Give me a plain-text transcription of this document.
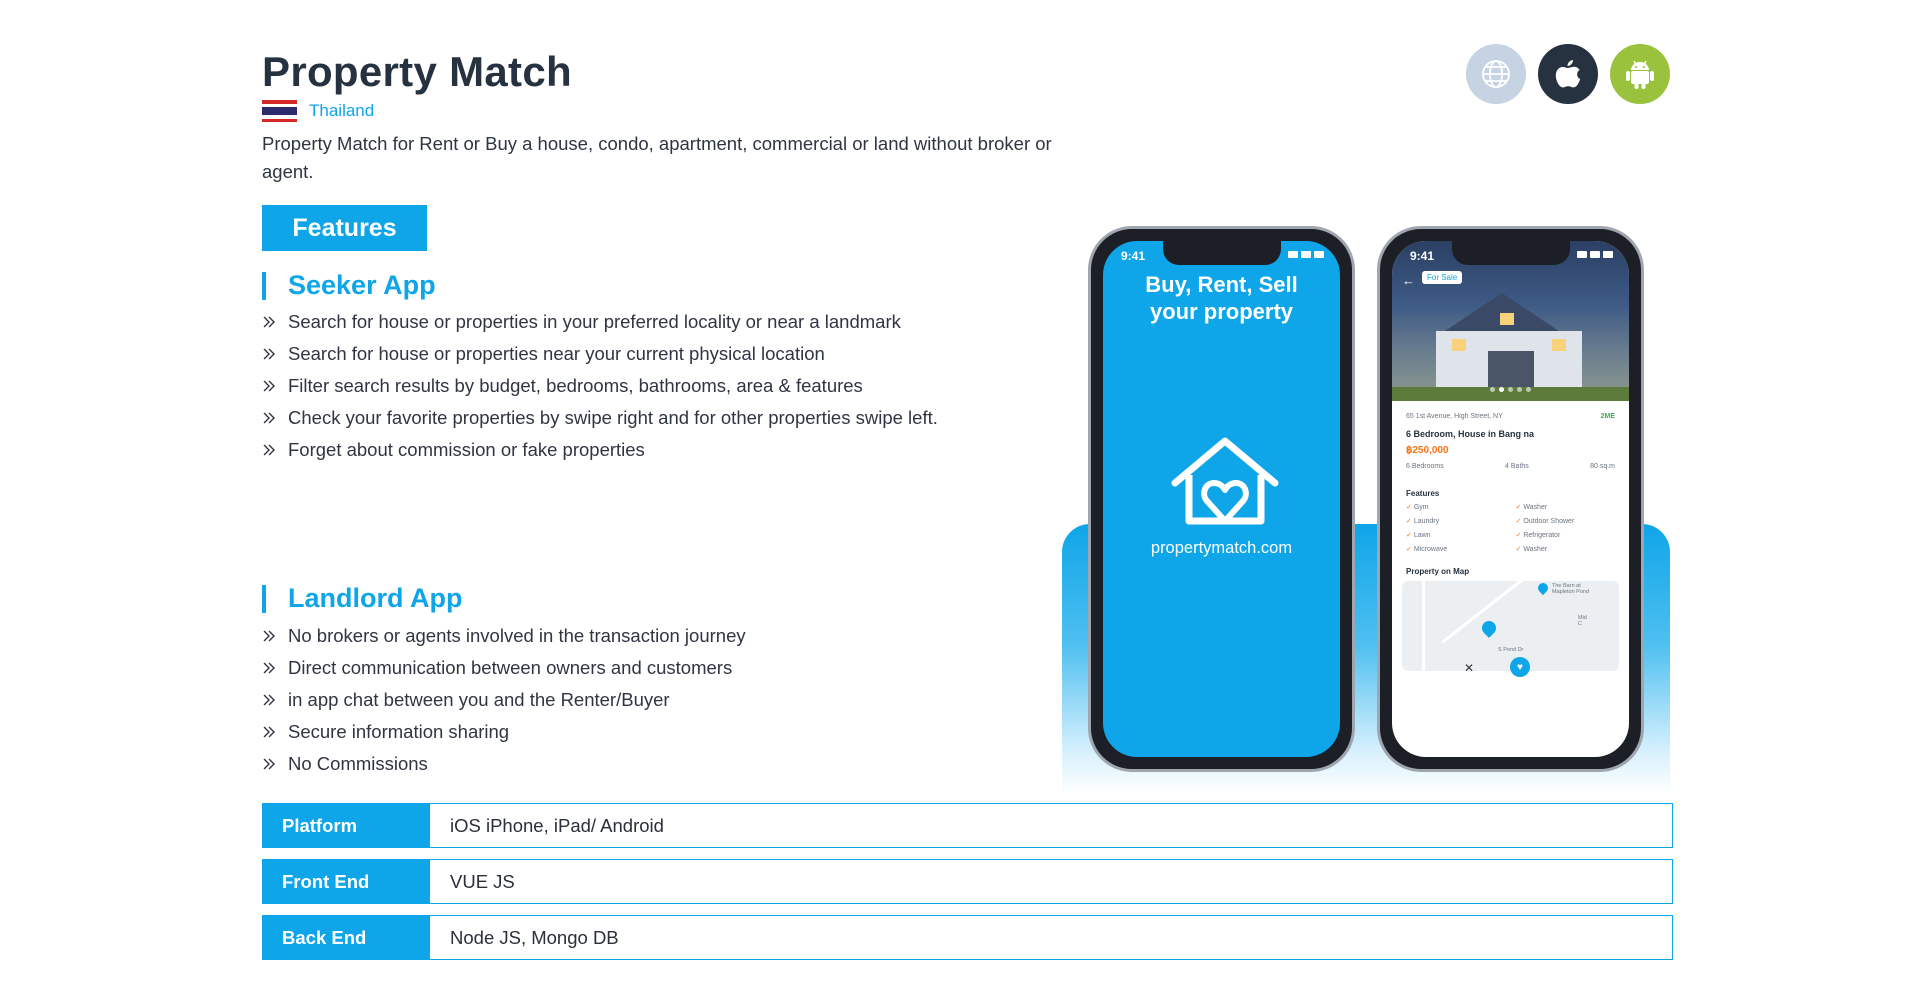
Property Match
Thailand

Property Match for Rent or Buy a house, condo, apartment, commercial or land without broker or agent.

Features
Seeker App
Search for house or properties in your preferred locality or near a landmark
Search for house or properties near your current physical location
Filter search results by budget, bedrooms, bathrooms, area & features
Check your favorite properties by swipe right and for other properties swipe left.
Forget about commission or fake properties
Landlord App
No brokers or agents involved in the transaction journey
Direct communication between owners and customers
in app chat between you and the Renter/Buyer
Secure information sharing
No Commissions
9:41
Buy, Rent, Sell
your property
propertymatch.com
9:41
←	For Sale
65 1st Avenue, High Street, NY	2ME
6 Bedroom, House in Bang na
฿250,000
6 Bedrooms	4 Baths	80 sq.m
Features
✓ Gym	✓ Washer
✓ Laundry	✓ Outdoor Shower
✓ Lawn	✓ Refrigerator
✓ Microwave	✓ Washer
Property on Map
The Barn at Mapleton Pond
S Pond Dr
Mid C
✕	♥
Platform	iOS iPhone, iPad/ Android
Front End	VUE JS
Back End	Node JS, Mongo DB
